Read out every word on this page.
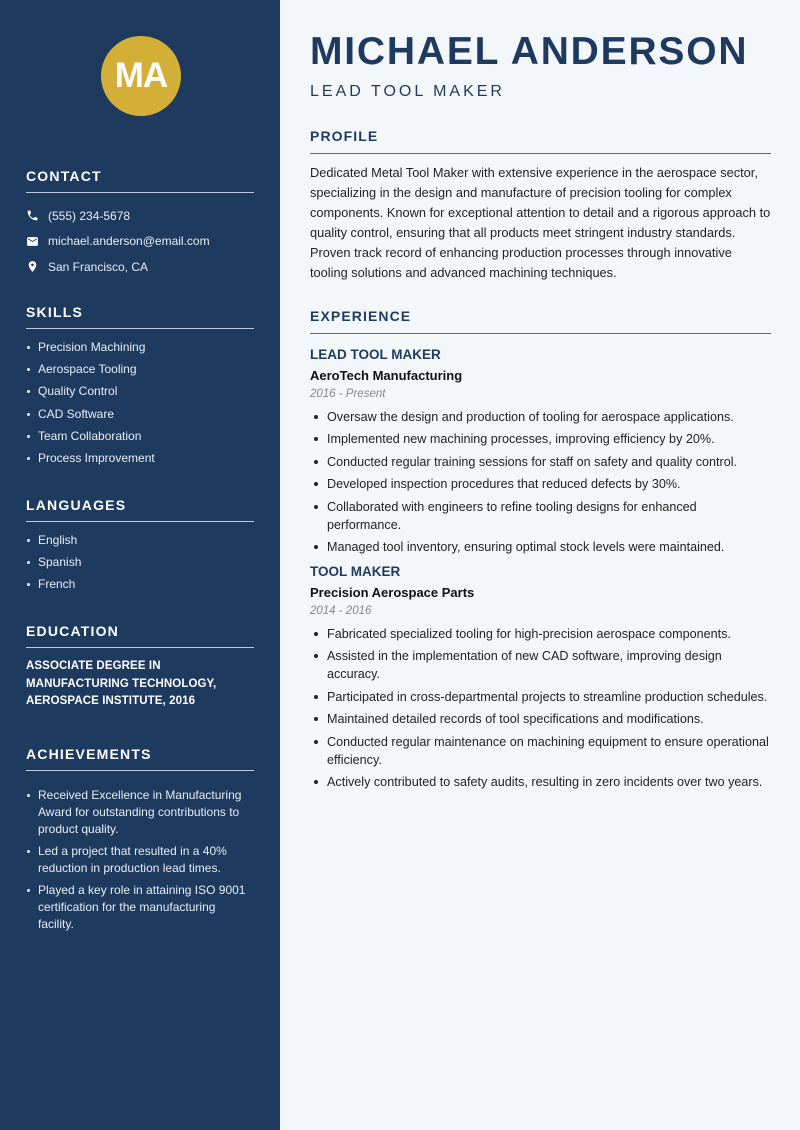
MA
CONTACT
(555) 234-5678
michael.anderson@email.com
San Francisco, CA
SKILLS
Precision Machining
Aerospace Tooling
Quality Control
CAD Software
Team Collaboration
Process Improvement
LANGUAGES
English
Spanish
French
EDUCATION

ASSOCIATE DEGREE IN MANUFACTURING TECHNOLOGY, AEROSPACE INSTITUTE, 2016

ACHIEVEMENTS
Received Excellence in Manufacturing Award for outstanding contributions to product quality.
Led a project that resulted in a 40% reduction in production lead times.
Played a key role in attaining ISO 9001 certification for the manufacturing facility.
MICHAEL ANDERSON
LEAD TOOL MAKER
PROFILE

Dedicated Metal Tool Maker with extensive experience in the aerospace sector, specializing in the design and manufacture of precision tooling for complex components. Known for exceptional attention to detail and a rigorous approach to quality control, ensuring that all products meet stringent industry standards. Proven track record of enhancing production processes through innovative tooling solutions and advanced machining techniques.

EXPERIENCE
LEAD TOOL MAKER
AeroTech Manufacturing
2016 - Present
Oversaw the design and production of tooling for aerospace applications.
Implemented new machining processes, improving efficiency by 20%.
Conducted regular training sessions for staff on safety and quality control.
Developed inspection procedures that reduced defects by 30%.
Collaborated with engineers to refine tooling designs for enhanced performance.
Managed tool inventory, ensuring optimal stock levels were maintained.
TOOL MAKER
Precision Aerospace Parts
2014 - 2016
Fabricated specialized tooling for high-precision aerospace components.
Assisted in the implementation of new CAD software, improving design accuracy.
Participated in cross-departmental projects to streamline production schedules.
Maintained detailed records of tool specifications and modifications.
Conducted regular maintenance on machining equipment to ensure operational efficiency.
Actively contributed to safety audits, resulting in zero incidents over two years.
